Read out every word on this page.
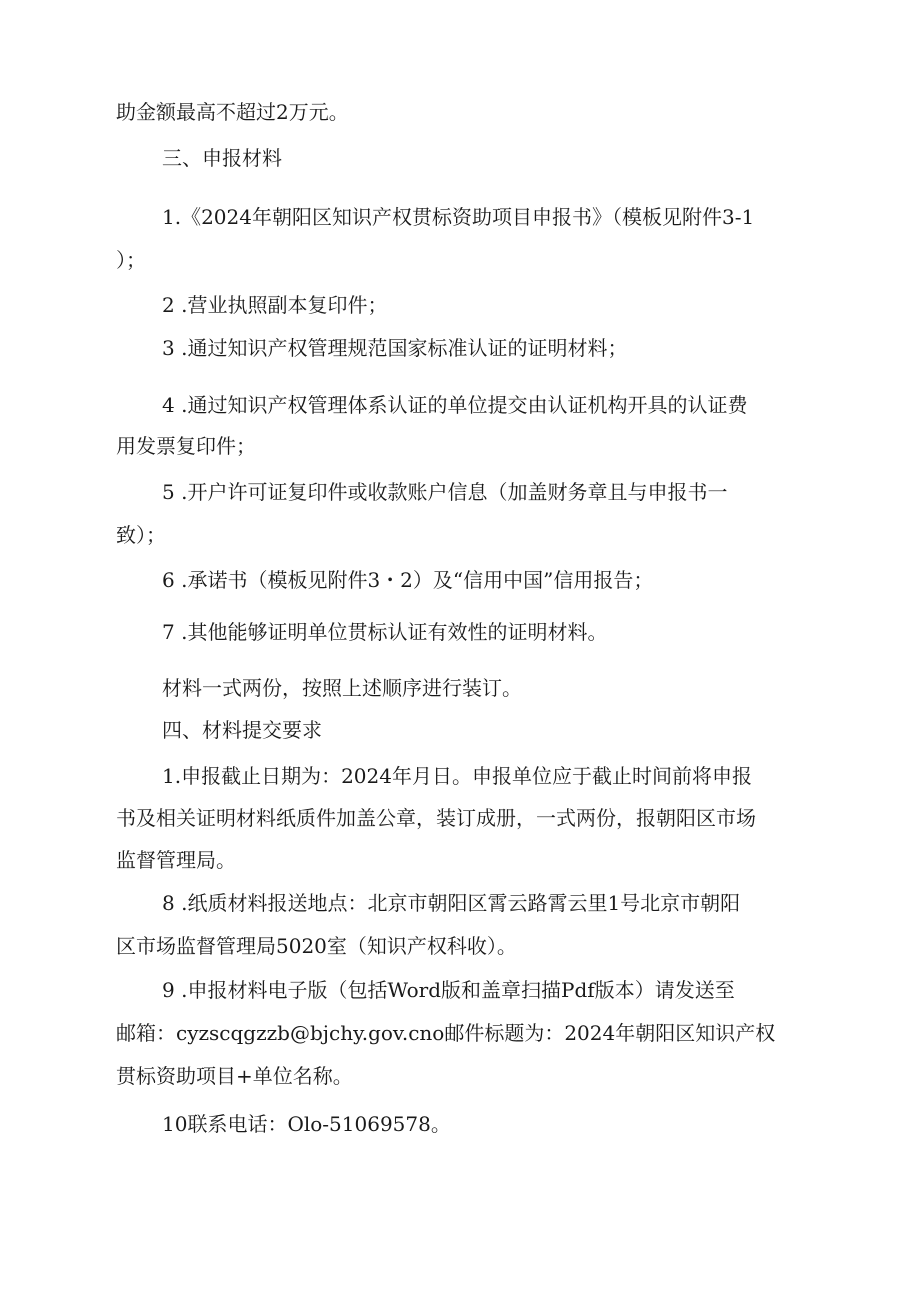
助金额最高不超过2万元。
三、申报材料
1.《2024年朝阳区知识产权贯标资助项目申报书》（模板见附件3-1
）；
2 .营业执照副本复印件；
3 .通过知识产权管理规范国家标准认证的证明材料；
4 .通过知识产权管理体系认证的单位提交由认证机构开具的认证费
用发票复印件；
5 .开户许可证复印件或收款账户信息（加盖财务章且与申报书一
致）；
6 .承诺书（模板见附件3・2）及“信用中国”信用报告；
7 .其他能够证明单位贯标认证有效性的证明材料。
材料一式两份，按照上述顺序进行装订。
四、材料提交要求
1.申报截止日期为：2024年月日。申报单位应于截止时间前将申报
书及相关证明材料纸质件加盖公章，装订成册，一式两份，报朝阳区市场
监督管理局。
8 .纸质材料报送地点：北京市朝阳区霄云路霄云里1号北京市朝阳
区市场监督管理局5020室（知识产权科收）。
9 .申报材料电子版（包括Word版和盖章扫描Pdf版本）请发送至
邮箱：cyzscqgzzb@bjchy.gov.cno邮件标题为：2024年朝阳区知识产权
贯标资助项目+单位名称。
10联系电话：Olo-51069578。
